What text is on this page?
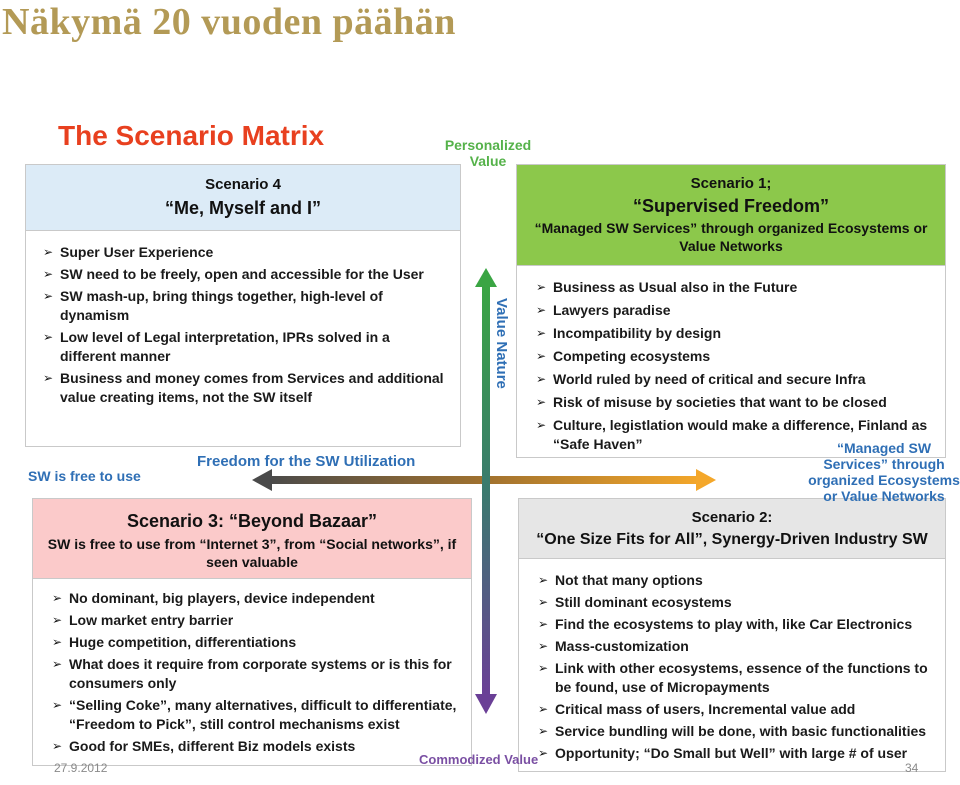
Näkymä 20 vuoden päähän
The Scenario Matrix
Scenario 4
“Me, Myself and I”
➢ Super User Experience
➢ SW need to be freely, open and accessible for the User
➢ SW mash-up, bring things together, high-level of dynamism
➢ Low level of Legal interpretation, IPRs solved in a different manner
➢ Business and money comes from Services and additional value creating items, not the SW itself
Scenario 1;
“Supervised Freedom”
“Managed SW Services” through organized Ecosystems or Value Networks
➢ Business as Usual also in the Future
➢ Lawyers paradise
➢ Incompatibility by design
➢ Competing ecosystems
➢ World ruled by need of critical and secure Infra
➢ Risk of misuse by societies that want to be closed
➢ Culture, legistlation would make a difference, Finland as “Safe Haven”
Scenario 3: “Beyond Bazaar”
SW is free to use from “Internet 3”, from “Social networks”, if seen valuable
➢ No dominant, big players, device independent
➢ Low market entry barrier
➢ Huge competition, differentiations
➢ What does it require from corporate systems or is this for consumers only
➢ “Selling Coke”, many alternatives, difficult to differentiate, “Freedom to Pick”, still control mechanisms exist
➢ Good for SMEs, different Biz models exists
Scenario 2:
“One Size Fits for All”, Synergy-Driven Industry SW
➢ Not that many options
➢ Still dominant ecosystems
➢ Find the ecosystems to play with, like Car Electronics
➢ Mass-customization
➢ Link with other ecosystems, essence of the functions to be found, use of Micropayments
➢ Critical mass of users, Incremental value add
➢ Service bundling will be done, with basic functionalities
➢ Opportunity; “Do Small but Well” with large # of user
Personalized
Value
Value Nature
Freedom for the SW Utilization
SW is free to use
“Managed SW
Services” through
organized Ecosystems
or Value Networks
Commodized Value
27.9.2012	34
